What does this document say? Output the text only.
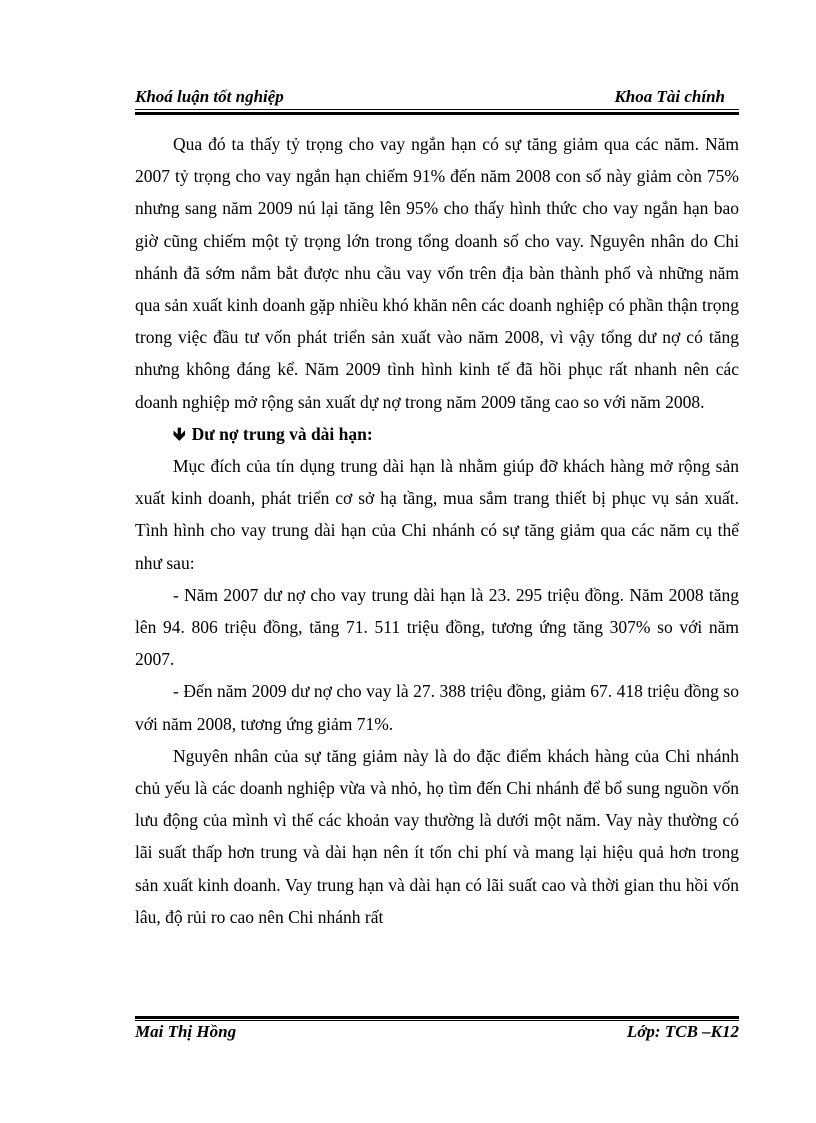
Khoá luận tốt nghiệp	Khoa Tài chính

Qua đó ta thấy tỷ trọng cho vay ngắn hạn có sự tăng giảm qua các năm. Năm 2007 tỷ trọng cho vay ngắn hạn chiếm 91% đến năm 2008 con số này giảm còn 75% nhưng sang năm 2009 nú lại tăng lên 95% cho thấy hình thức cho vay ngắn hạn bao giờ cũng chiếm một tỷ trọng lớn trong tổng doanh số cho vay. Nguyên nhân do Chi nhánh đã sớm nắm bắt được nhu cầu vay vốn trên địa bàn thành phố và những năm qua sản xuất kinh doanh gặp nhiều khó khăn nên các doanh nghiệp có phần thận trọng trong việc đầu tư vốn phát triển sản xuất vào năm 2008, vì vậy tổng dư nợ có tăng nhưng không đáng kể. Năm 2009 tình hình kinh tế đã hồi phục rất nhanh nên các doanh nghiệp mở rộng sản xuất dự nợ trong năm 2009 tăng cao so với năm 2008.

🡻 Dư nợ trung và dài hạn:

Mục đích của tín dụng trung dài hạn là nhằm giúp đỡ khách hàng mở rộng sản xuất kinh doanh, phát triển cơ sở hạ tầng, mua sắm trang thiết bị phục vụ sản xuất. Tình hình cho vay trung dài hạn của Chi nhánh có sự tăng giảm qua các năm cụ thể như sau:

- Năm 2007 dư nợ cho vay trung dài hạn là 23. 295 triệu đồng. Năm 2008 tăng lên 94. 806 triệu đồng, tăng 71. 511 triệu đồng, tương ứng tăng 307% so với năm 2007.

- Đến năm 2009 dư nợ cho vay là 27. 388 triệu đồng, giảm 67. 418 triệu đồng so với năm 2008, tương ứng giảm 71%.

Nguyên nhân của sự tăng giảm này là do đặc điểm khách hàng của Chi nhánh chủ yếu là các doanh nghiệp vừa và nhỏ, họ tìm đến Chi nhánh để bổ sung nguồn vốn lưu động của mình vì thế các khoản vay thường là dưới một năm. Vay này thường có lãi suất thấp hơn trung và dài hạn nên ít tốn chi phí và mang lại hiệu quả hơn trong sản xuất kinh doanh. Vay trung hạn và dài hạn có lãi suất cao và thời gian thu hồi vốn lâu, độ rủi ro cao nên Chi nhánh rất

Mai Thị Hồng	Lớp: TCB –K12
